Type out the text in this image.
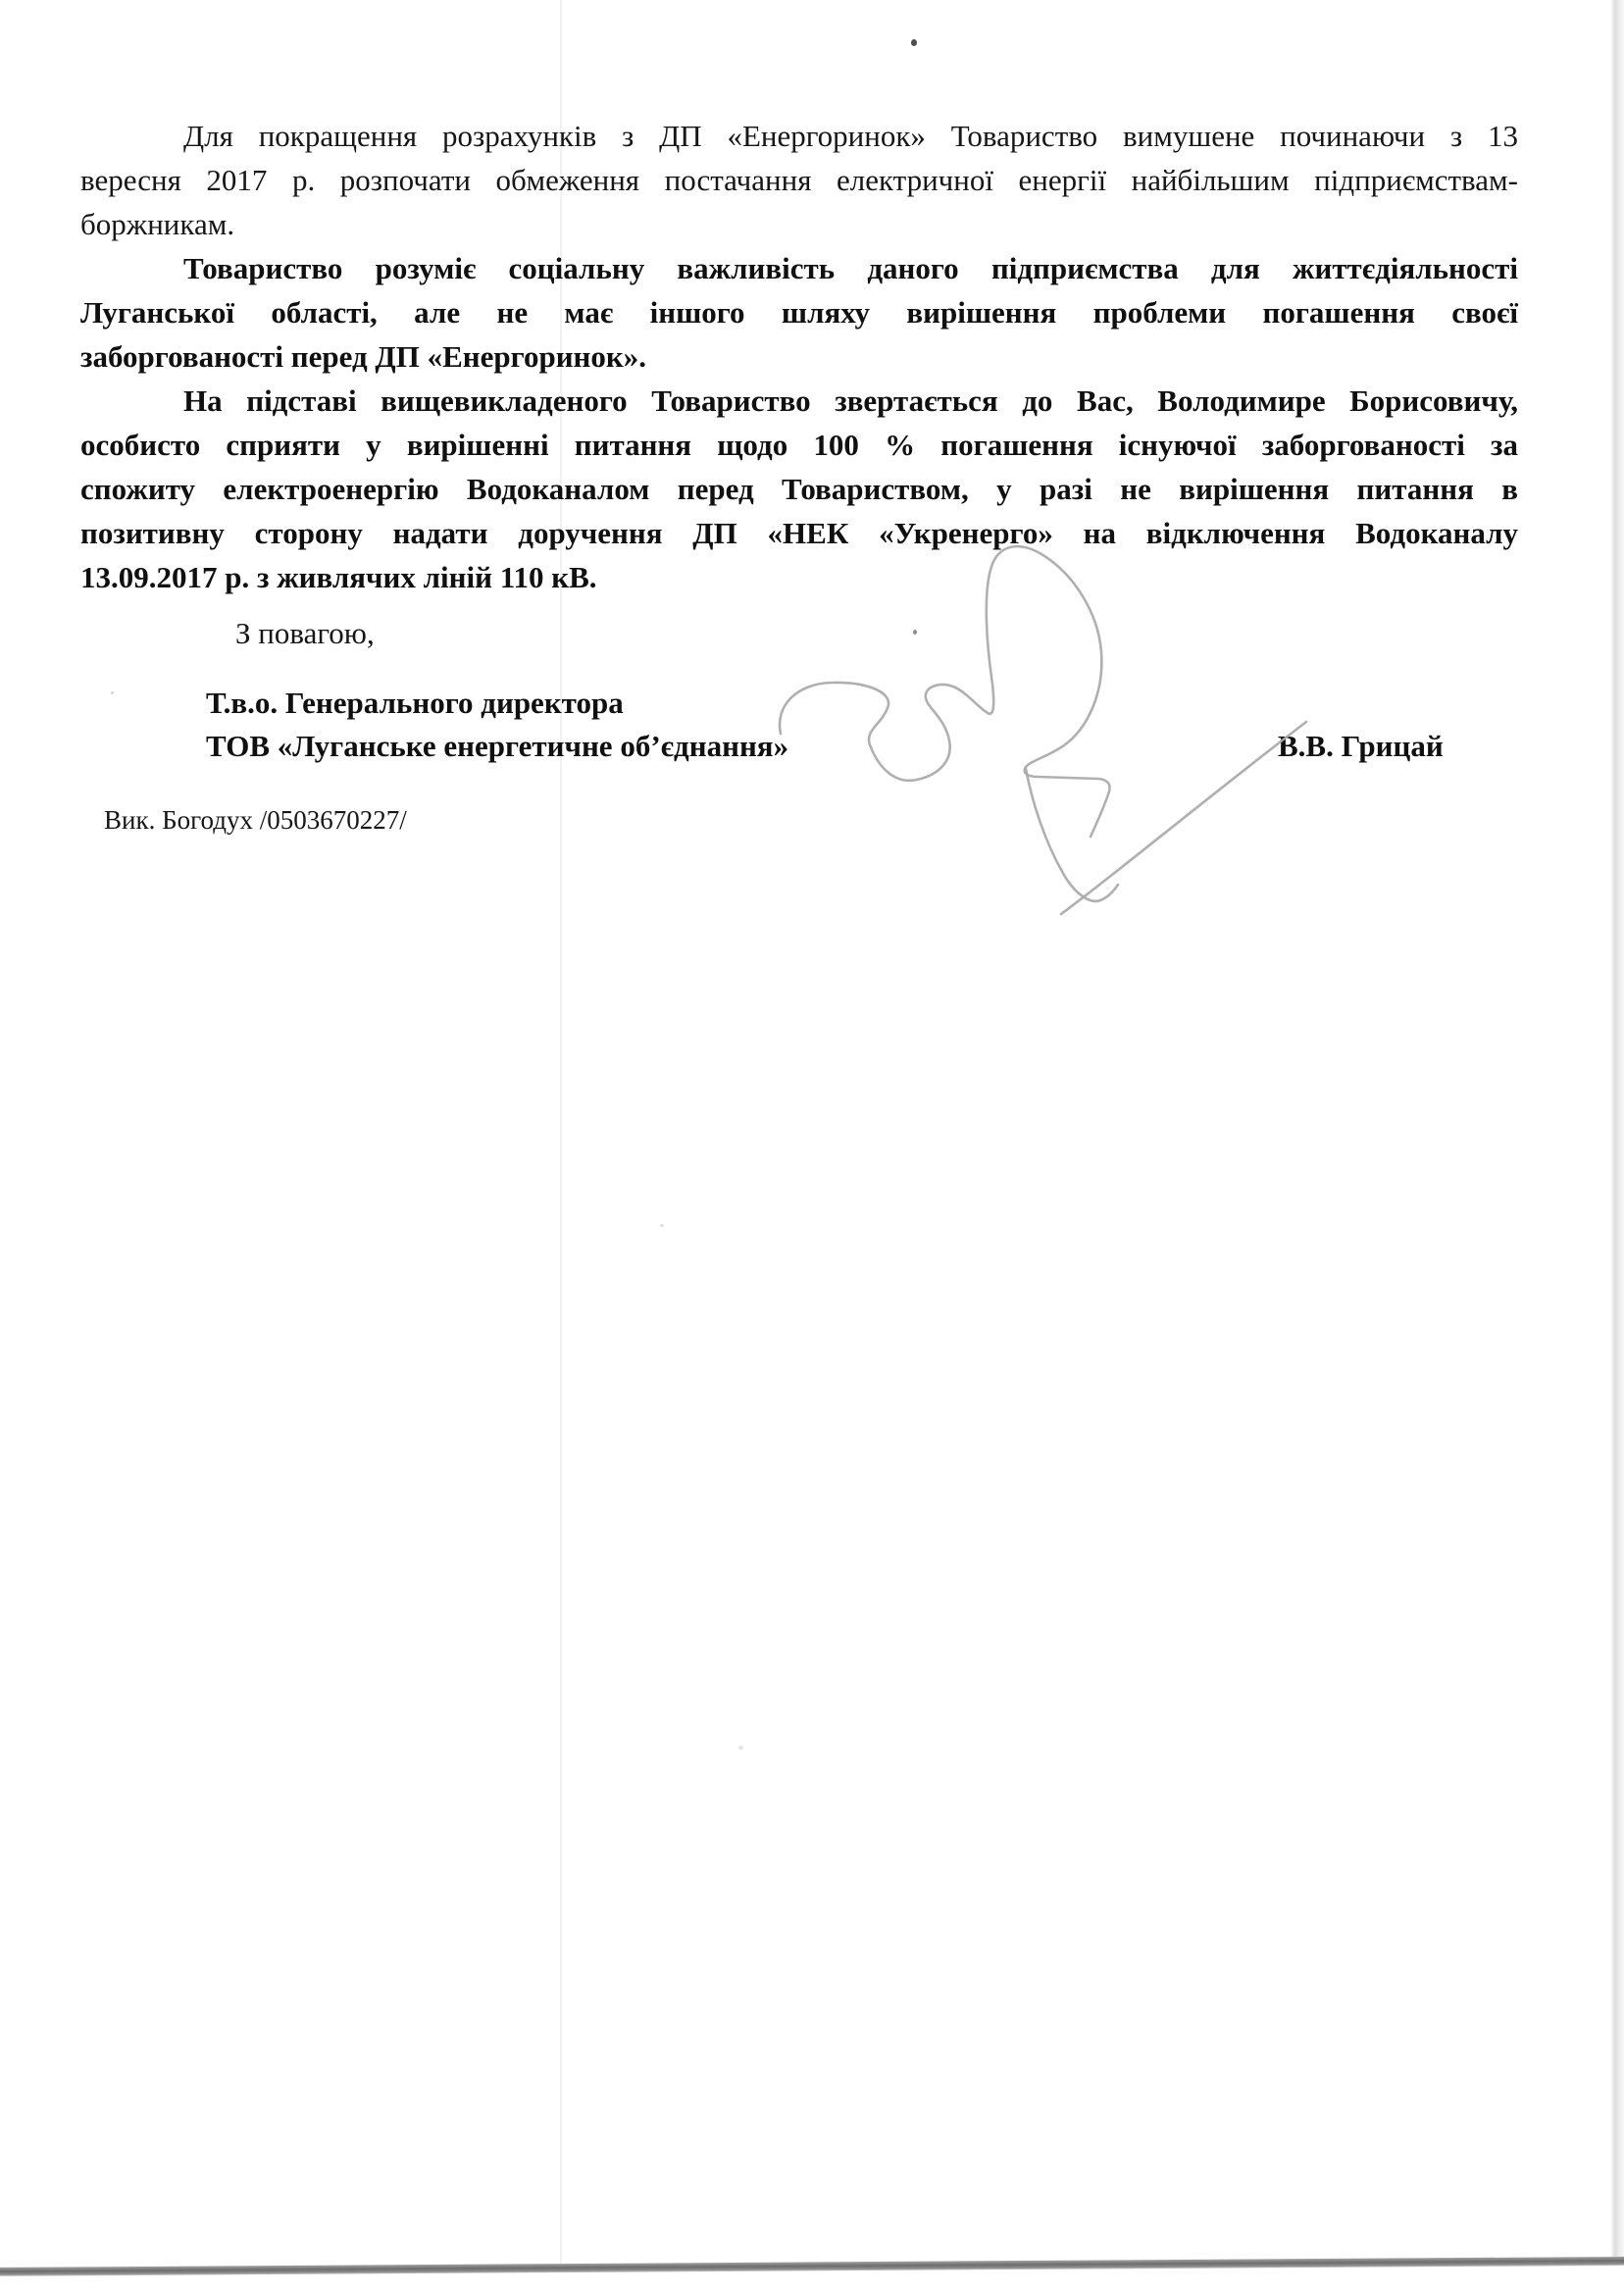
Для покращення розрахунків з ДП «Енергоринок» Товариство вимушене починаючи з 13
вересня 2017 р. розпочати обмеження постачання електричної енергії найбільшим підприємствам-
боржникам.
Товариство розуміє соціальну важливість даного підприємства для життєдіяльності
Луганської області, але не має іншого шляху вирішення проблеми погашення своєї
заборгованості перед ДП «Енергоринок».
На підставі вищевикладеного Товариство звертається до Вас, Володимире Борисовичу,
особисто сприяти у вирішенні питання щодо 100 % погашення існуючої заборгованості за
спожиту електроенергію Водоканалом перед Товариством, у разі не вирішення питання в
позитивну сторону надати доручення ДП «НЕК «Укренерго» на відключення Водоканалу
13.09.2017 р. з живлячих ліній 110 кВ.
З повагою,
Т.в.о. Генерального директора
ТОВ «Луганське енергетичне об’єднання»	В.В. Грицай
Вик. Богодух /0503670227/
